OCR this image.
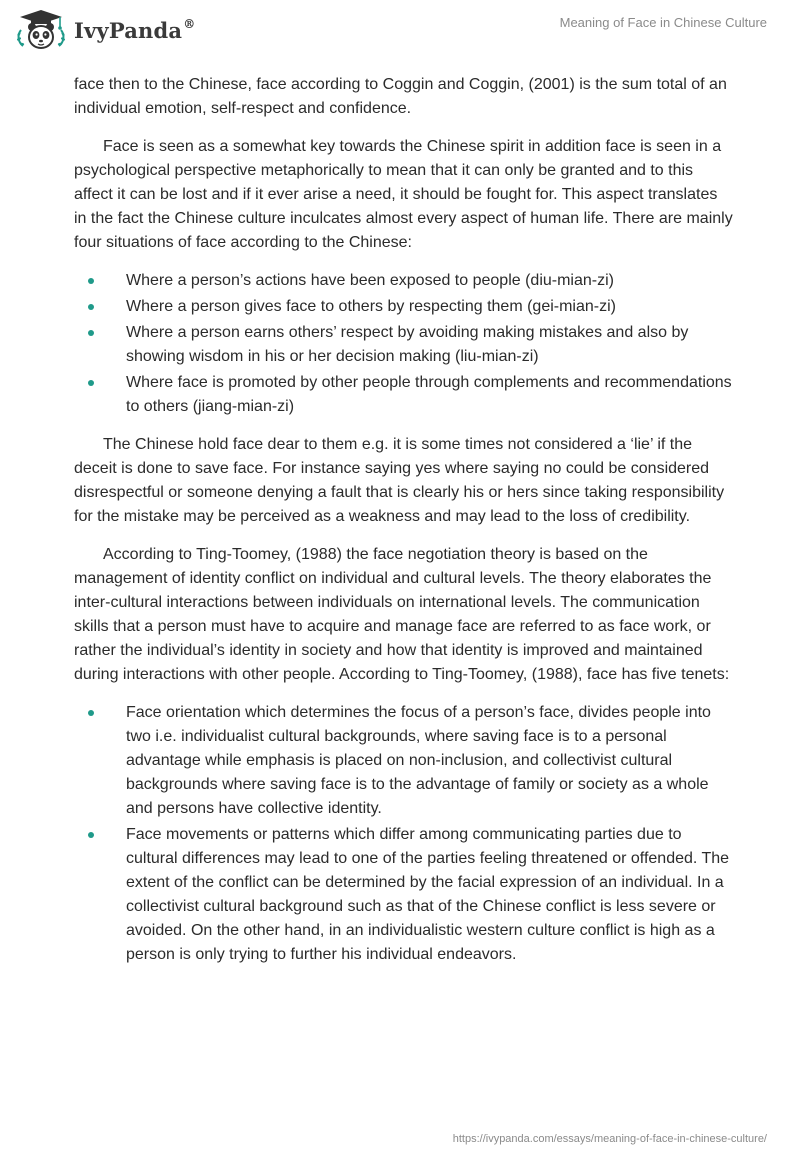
IvyPanda®	Meaning of Face in Chinese Culture

face then to the Chinese, face according to Coggin and Coggin, (2001) is the sum total of an individual emotion, self-respect and confidence.

Face is seen as a somewhat key towards the Chinese spirit in addition face is seen in a psychological perspective metaphorically to mean that it can only be granted and to this affect it can be lost and if it ever arise a need, it should be fought for. This aspect translates in the fact the Chinese culture inculcates almost every aspect of human life. There are mainly four situations of face according to the Chinese:

Where a person’s actions have been exposed to people (diu-mian-zi)
Where a person gives face to others by respecting them (gei-mian-zi)
Where a person earns others’ respect by avoiding making mistakes and also by showing wisdom in his or her decision making (liu-mian-zi)
Where face is promoted by other people through complements and recommendations to others (jiang-mian-zi)

The Chinese hold face dear to them e.g. it is some times not considered a ‘lie’ if the deceit is done to save face. For instance saying yes where saying no could be considered disrespectful or someone denying a fault that is clearly his or hers since taking responsibility for the mistake may be perceived as a weakness and may lead to the loss of credibility.

According to Ting-Toomey, (1988) the face negotiation theory is based on the management of identity conflict on individual and cultural levels. The theory elaborates the inter-cultural interactions between individuals on international levels. The communication skills that a person must have to acquire and manage face are referred to as face work, or rather the individual’s identity in society and how that identity is improved and maintained during interactions with other people. According to Ting-Toomey, (1988), face has five tenets:

Face orientation which determines the focus of a person’s face, divides people into two i.e. individualist cultural backgrounds, where saving face is to a personal advantage while emphasis is placed on non-inclusion, and collectivist cultural backgrounds where saving face is to the advantage of family or society as a whole and persons have collective identity.
Face movements or patterns which differ among communicating parties due to cultural differences may lead to one of the parties feeling threatened or offended. The extent of the conflict can be determined by the facial expression of an individual. In a collectivist cultural background such as that of the Chinese conflict is less severe or avoided. On the other hand, in an individualistic western culture conflict is high as a person is only trying to further his individual endeavors.
https://ivypanda.com/essays/meaning-of-face-in-chinese-culture/
